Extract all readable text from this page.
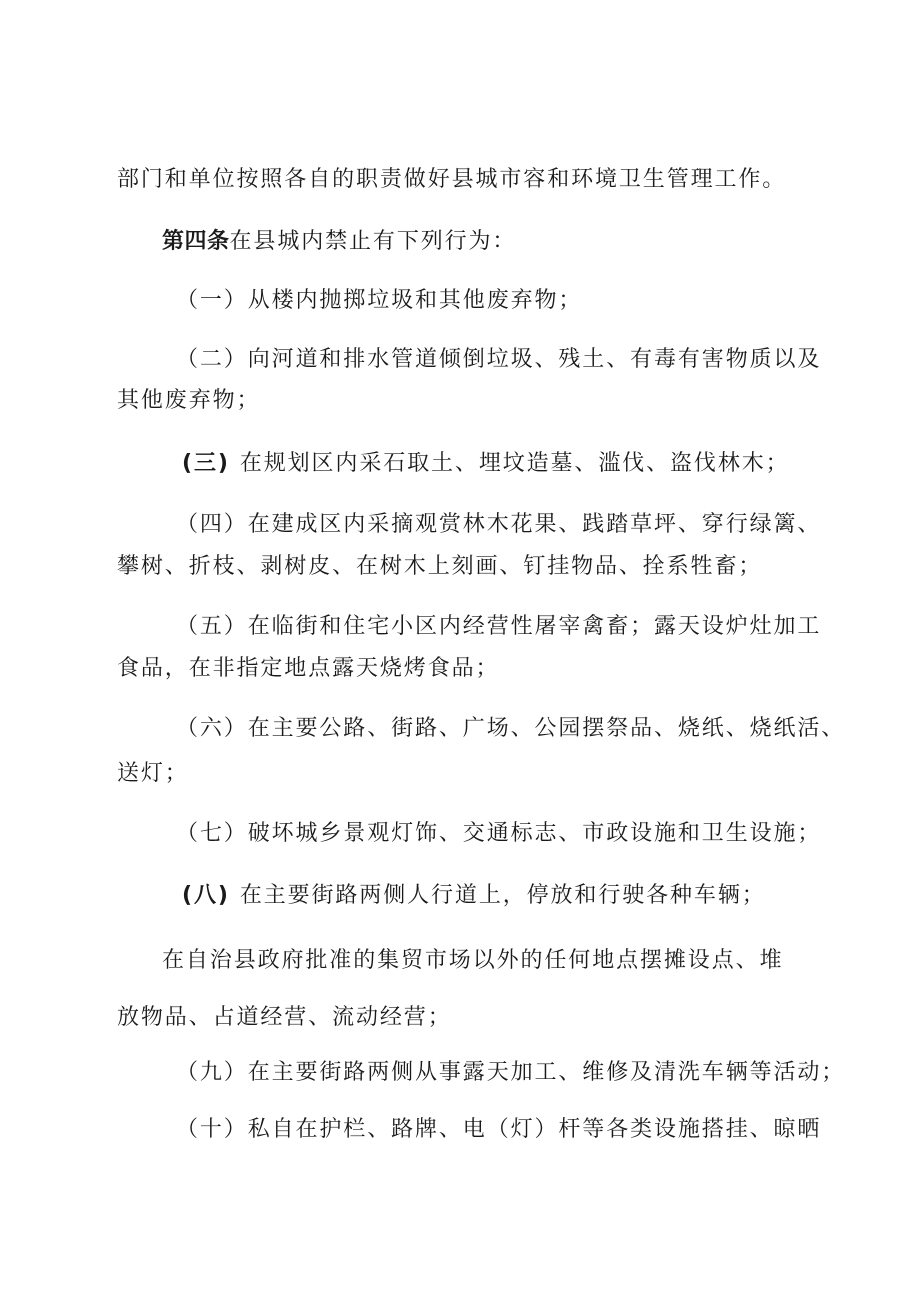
部门和单位按照各自的职责做好县城市容和环境卫生管理工作。
第四条在县城内禁止有下列行为：
（一）从楼内抛掷垃圾和其他废弃物；
（二）向河道和排水管道倾倒垃圾、残土、有毒有害物质以及
其他废弃物；
(三) 在规划区内采石取土、埋坟造墓、滥伐、盗伐林木；
（四）在建成区内采摘观赏林木花果、践踏草坪、穿行绿篱、
攀树、折枝、剥树皮、在树木上刻画、钉挂物品、拴系牲畜；
（五）在临街和住宅小区内经营性屠宰禽畜；露天设炉灶加工
食品，在非指定地点露天烧烤食品；
（六）在主要公路、街路、广场、公园摆祭品、烧纸、烧纸活、
送灯；
（七）破坏城乡景观灯饰、交通标志、市政设施和卫生设施；
(八) 在主要街路两侧人行道上，停放和行驶各种车辆；
在自治县政府批准的集贸市场以外的任何地点摆摊设点、堆
放物品、占道经营、流动经营；
（九）在主要街路两侧从事露天加工、维修及清洗车辆等活动；
（十）私自在护栏、路牌、电（灯）杆等各类设施搭挂、晾晒
